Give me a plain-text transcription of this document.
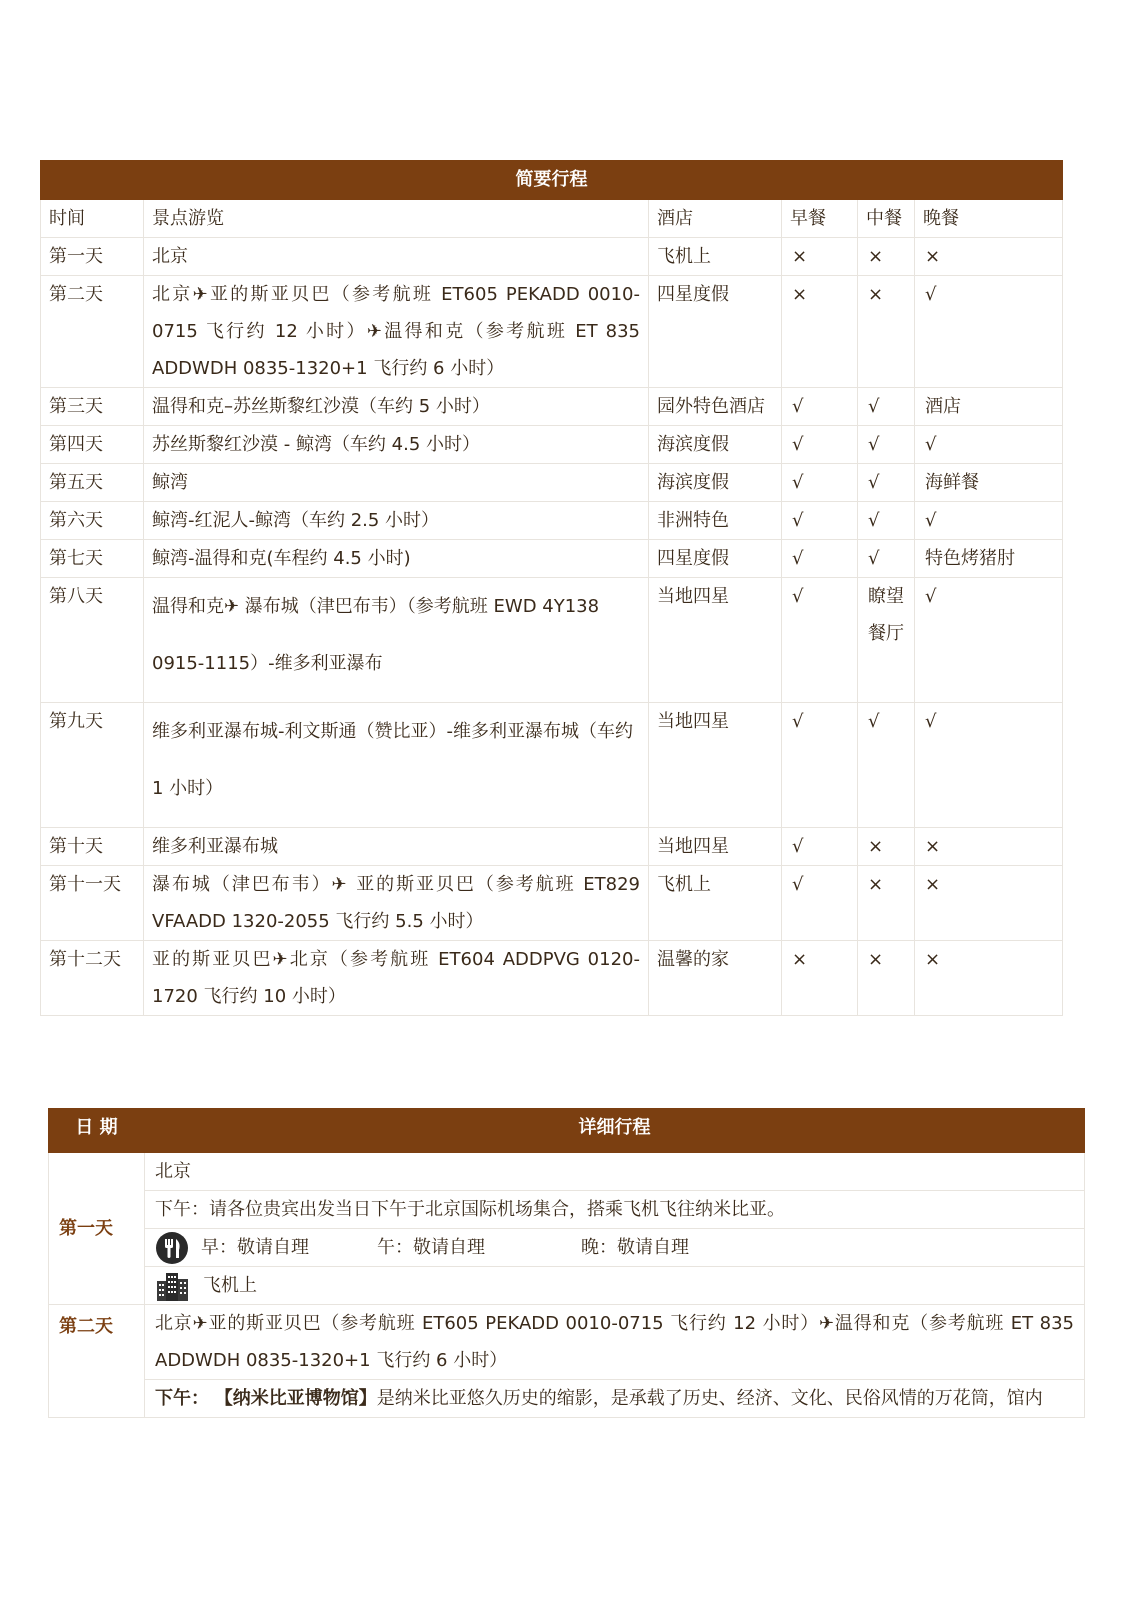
简要行程					
时间	景点游览	酒店	早餐	中餐	晚餐
第一天	北京	飞机上	×	×	×
第二天	北京✈亚的斯亚贝巴（参考航班 ET605 PEKADD 0010-0715 飞行约 12 小时）✈温得和克（参考航班 ET 835 ADDWDH 0835-1320+1 飞行约 6 小时）	四星度假	×	×	√
第三天	温得和克–苏丝斯黎红沙漠（车约 5 小时）	园外特色酒店	√	√	酒店
第四天	苏丝斯黎红沙漠 - 鲸湾（车约 4.5 小时）	海滨度假	√	√	√
第五天	鲸湾	海滨度假	√	√	海鲜餐
第六天	鲸湾-红泥人-鲸湾（车约 2.5 小时）	非洲特色	√	√	√
第七天	鲸湾-温得和克(车程约 4.5 小时)	四星度假	√	√	特色烤猪肘
第八天	温得和克✈ 瀑布城（津巴布韦）（参考航班 EWD 4Y138 0915-1115）-维多利亚瀑布	当地四星	√	瞭望餐厅	√
第九天	维多利亚瀑布城-利文斯通（赞比亚）-维多利亚瀑布城（车约 1 小时）	当地四星	√	√	√
第十天	维多利亚瀑布城	当地四星	√	×	×
第十一天	瀑布城（津巴布韦）✈ 亚的斯亚贝巴（参考航班 ET829 VFAADD 1320-2055 飞行约 5.5 小时）	飞机上	√	×	×
第十二天	亚的斯亚贝巴✈北京（参考航班 ET604 ADDPVG 0120-1720 飞行约 10 小时）	温馨的家	×	×	×
日 期	详细行程
第一天	北京
	下午：请各位贵宾出发当日下午于北京国际机场集合，搭乘飞机飞往纳米比亚。

	早：敬请自理 午：敬请自理 晚：敬请自理

	飞机上

第二天	北京✈亚的斯亚贝巴（参考航班 ET605 PEKADD 0010-0715 飞行约 12 小时）✈温得和克（参考航班 ET 835 ADDWDH 0835-1320+1 飞行约 6 小时）
	下午： 【纳米比亚博物馆】是纳米比亚悠久历史的缩影，是承载了历史、经济、文化、民俗风情的万花筒，馆内
